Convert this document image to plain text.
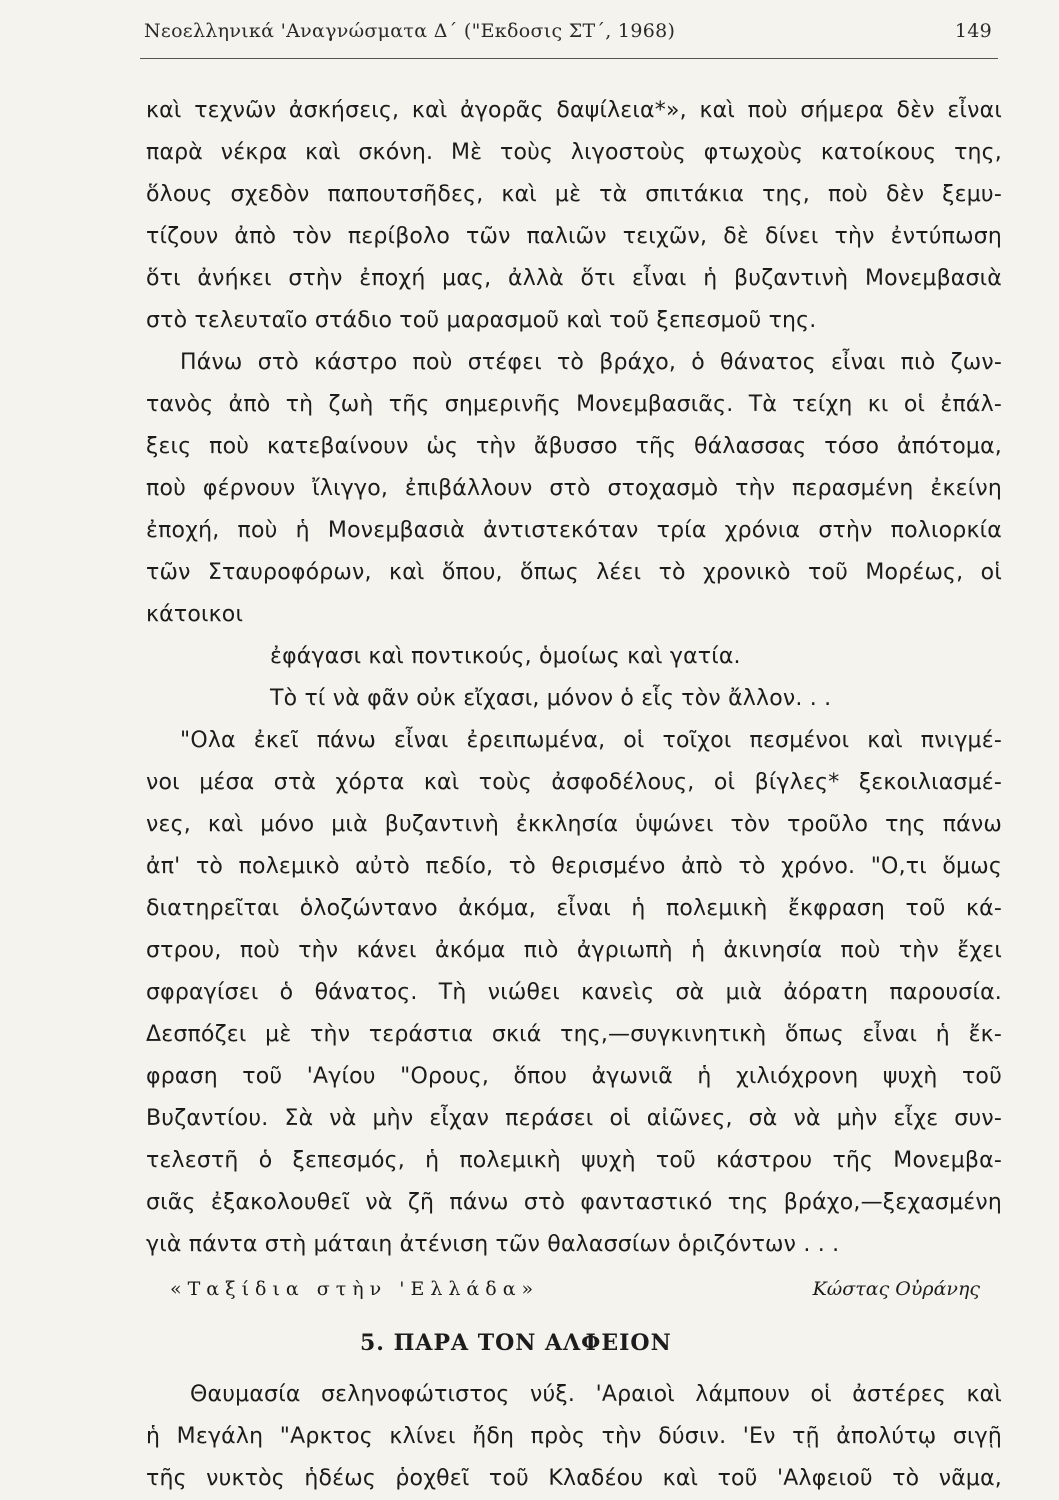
Νεοελληνικά 'Αναγνώσματα Δ΄ ("Εκδοσις ΣΤ΄, 1968)	149
καὶ τεχνῶν ἀσκήσεις, καὶ ἀγορᾶς δαψίλεια*», καὶ ποὺ σήμερα δὲν εἶναι
παρὰ νέκρα καὶ σκόνη. Μὲ τοὺς λιγοστοὺς φτωχοὺς κατοίκους της,
ὅλους σχεδὸν παπουτσῆδες, καὶ μὲ τὰ σπιτάκια της, ποὺ δὲν ξεμυ-
τίζουν ἀπὸ τὸν περίβολο τῶν παλιῶν τειχῶν, δὲ δίνει τὴν ἐντύπωση
ὅτι ἀνήκει στὴν ἐποχή μας, ἀλλὰ ὅτι εἶναι ἡ βυζαντινὴ Μονεμβασιὰ
στὸ τελευταῖο στάδιο τοῦ μαρασμοῦ καὶ τοῦ ξεπεσμοῦ της.
Πάνω στὸ κάστρο ποὺ στέφει τὸ βράχο, ὁ θάνατος εἶναι πιὸ ζων-
τανὸς ἀπὸ τὴ ζωὴ τῆς σημερινῆς Μονεμβασιᾶς. Τὰ τείχη κι οἱ ἐπάλ-
ξεις ποὺ κατεβαίνουν ὡς τὴν ἄβυσσο τῆς θάλασσας τόσο ἀπότομα,
ποὺ φέρνουν ἴλιγγο, ἐπιβάλλουν στὸ στοχασμὸ τὴν περασμένη ἐκείνη
ἐποχή, ποὺ ἡ Μονεμβασιὰ ἀντιστεκόταν τρία χρόνια στὴν πολιορκία
τῶν Σταυροφόρων, καὶ ὅπου, ὅπως λέει τὸ χρονικὸ τοῦ Μορέως, οἱ
κάτοικοι
ἐφάγασι καὶ ποντικούς, ὁμοίως καὶ γατία.
Τὸ τί νὰ φᾶν οὐκ εἴχασι, μόνον ὁ εἷς τὸν ἄλλον. . .
"Ολα ἐκεῖ πάνω εἶναι ἐρειπωμένα, οἱ τοῖχοι πεσμένοι καὶ πνιγμέ-
νοι μέσα στὰ χόρτα καὶ τοὺς ἀσφοδέλους, οἱ βίγλες* ξεκοιλιασμέ-
νες, καὶ μόνο μιὰ βυζαντινὴ ἐκκλησία ὑψώνει τὸν τροῦλο της πάνω
ἀπ' τὸ πολεμικὸ αὐτὸ πεδίο, τὸ θερισμένο ἀπὸ τὸ χρόνο. "Ο,τι ὅμως
διατηρεῖται ὁλοζώντανο ἀκόμα, εἶναι ἡ πολεμικὴ ἔκφραση τοῦ κά-
στρου, ποὺ τὴν κάνει ἀκόμα πιὸ ἀγριωπὴ ἡ ἀκινησία ποὺ τὴν ἔχει
σφραγίσει ὁ θάνατος. Τὴ νιώθει κανεὶς σὰ μιὰ ἀόρατη παρουσία.
Δεσπόζει μὲ τὴν τεράστια σκιά της,—συγκινητικὴ ὅπως εἶναι ἡ ἔκ-
φραση τοῦ 'Αγίου "Ορους, ὅπου ἀγωνιᾶ ἡ χιλιόχρονη ψυχὴ τοῦ
Βυζαντίου. Σὰ νὰ μὴν εἶχαν περάσει οἱ αἰῶνες, σὰ νὰ μὴν εἶχε συν-
τελεστῆ ὁ ξεπεσμός, ἡ πολεμικὴ ψυχὴ τοῦ κάστρου τῆς Μονεμβα-
σιᾶς ἐξακολουθεῖ νὰ ζῆ πάνω στὸ φανταστικό της βράχο,—ξεχασμένη
γιὰ πάντα στὴ μάταιη ἀτένιση τῶν θαλασσίων ὁριζόντων . . .
«Ταξίδια στὴν 'Ελλάδα»	Κώστας Οὐράνης
5. ΠΑΡΑ ΤΟΝ ΑΛΦΕΙΟΝ
Θαυμασία σεληνοφώτιστος νύξ. 'Αραιοὶ λάμπουν οἱ ἀστέρες καὶ
ἡ Μεγάλη "Αρκτος κλίνει ἤδη πρὸς τὴν δύσιν. 'Εν τῇ ἀπολύτῳ σιγῇ
τῆς νυκτὸς ἡδέως ῥοχθεῖ τοῦ Κλαδέου καὶ τοῦ 'Αλφειοῦ τὸ νᾶμα,
